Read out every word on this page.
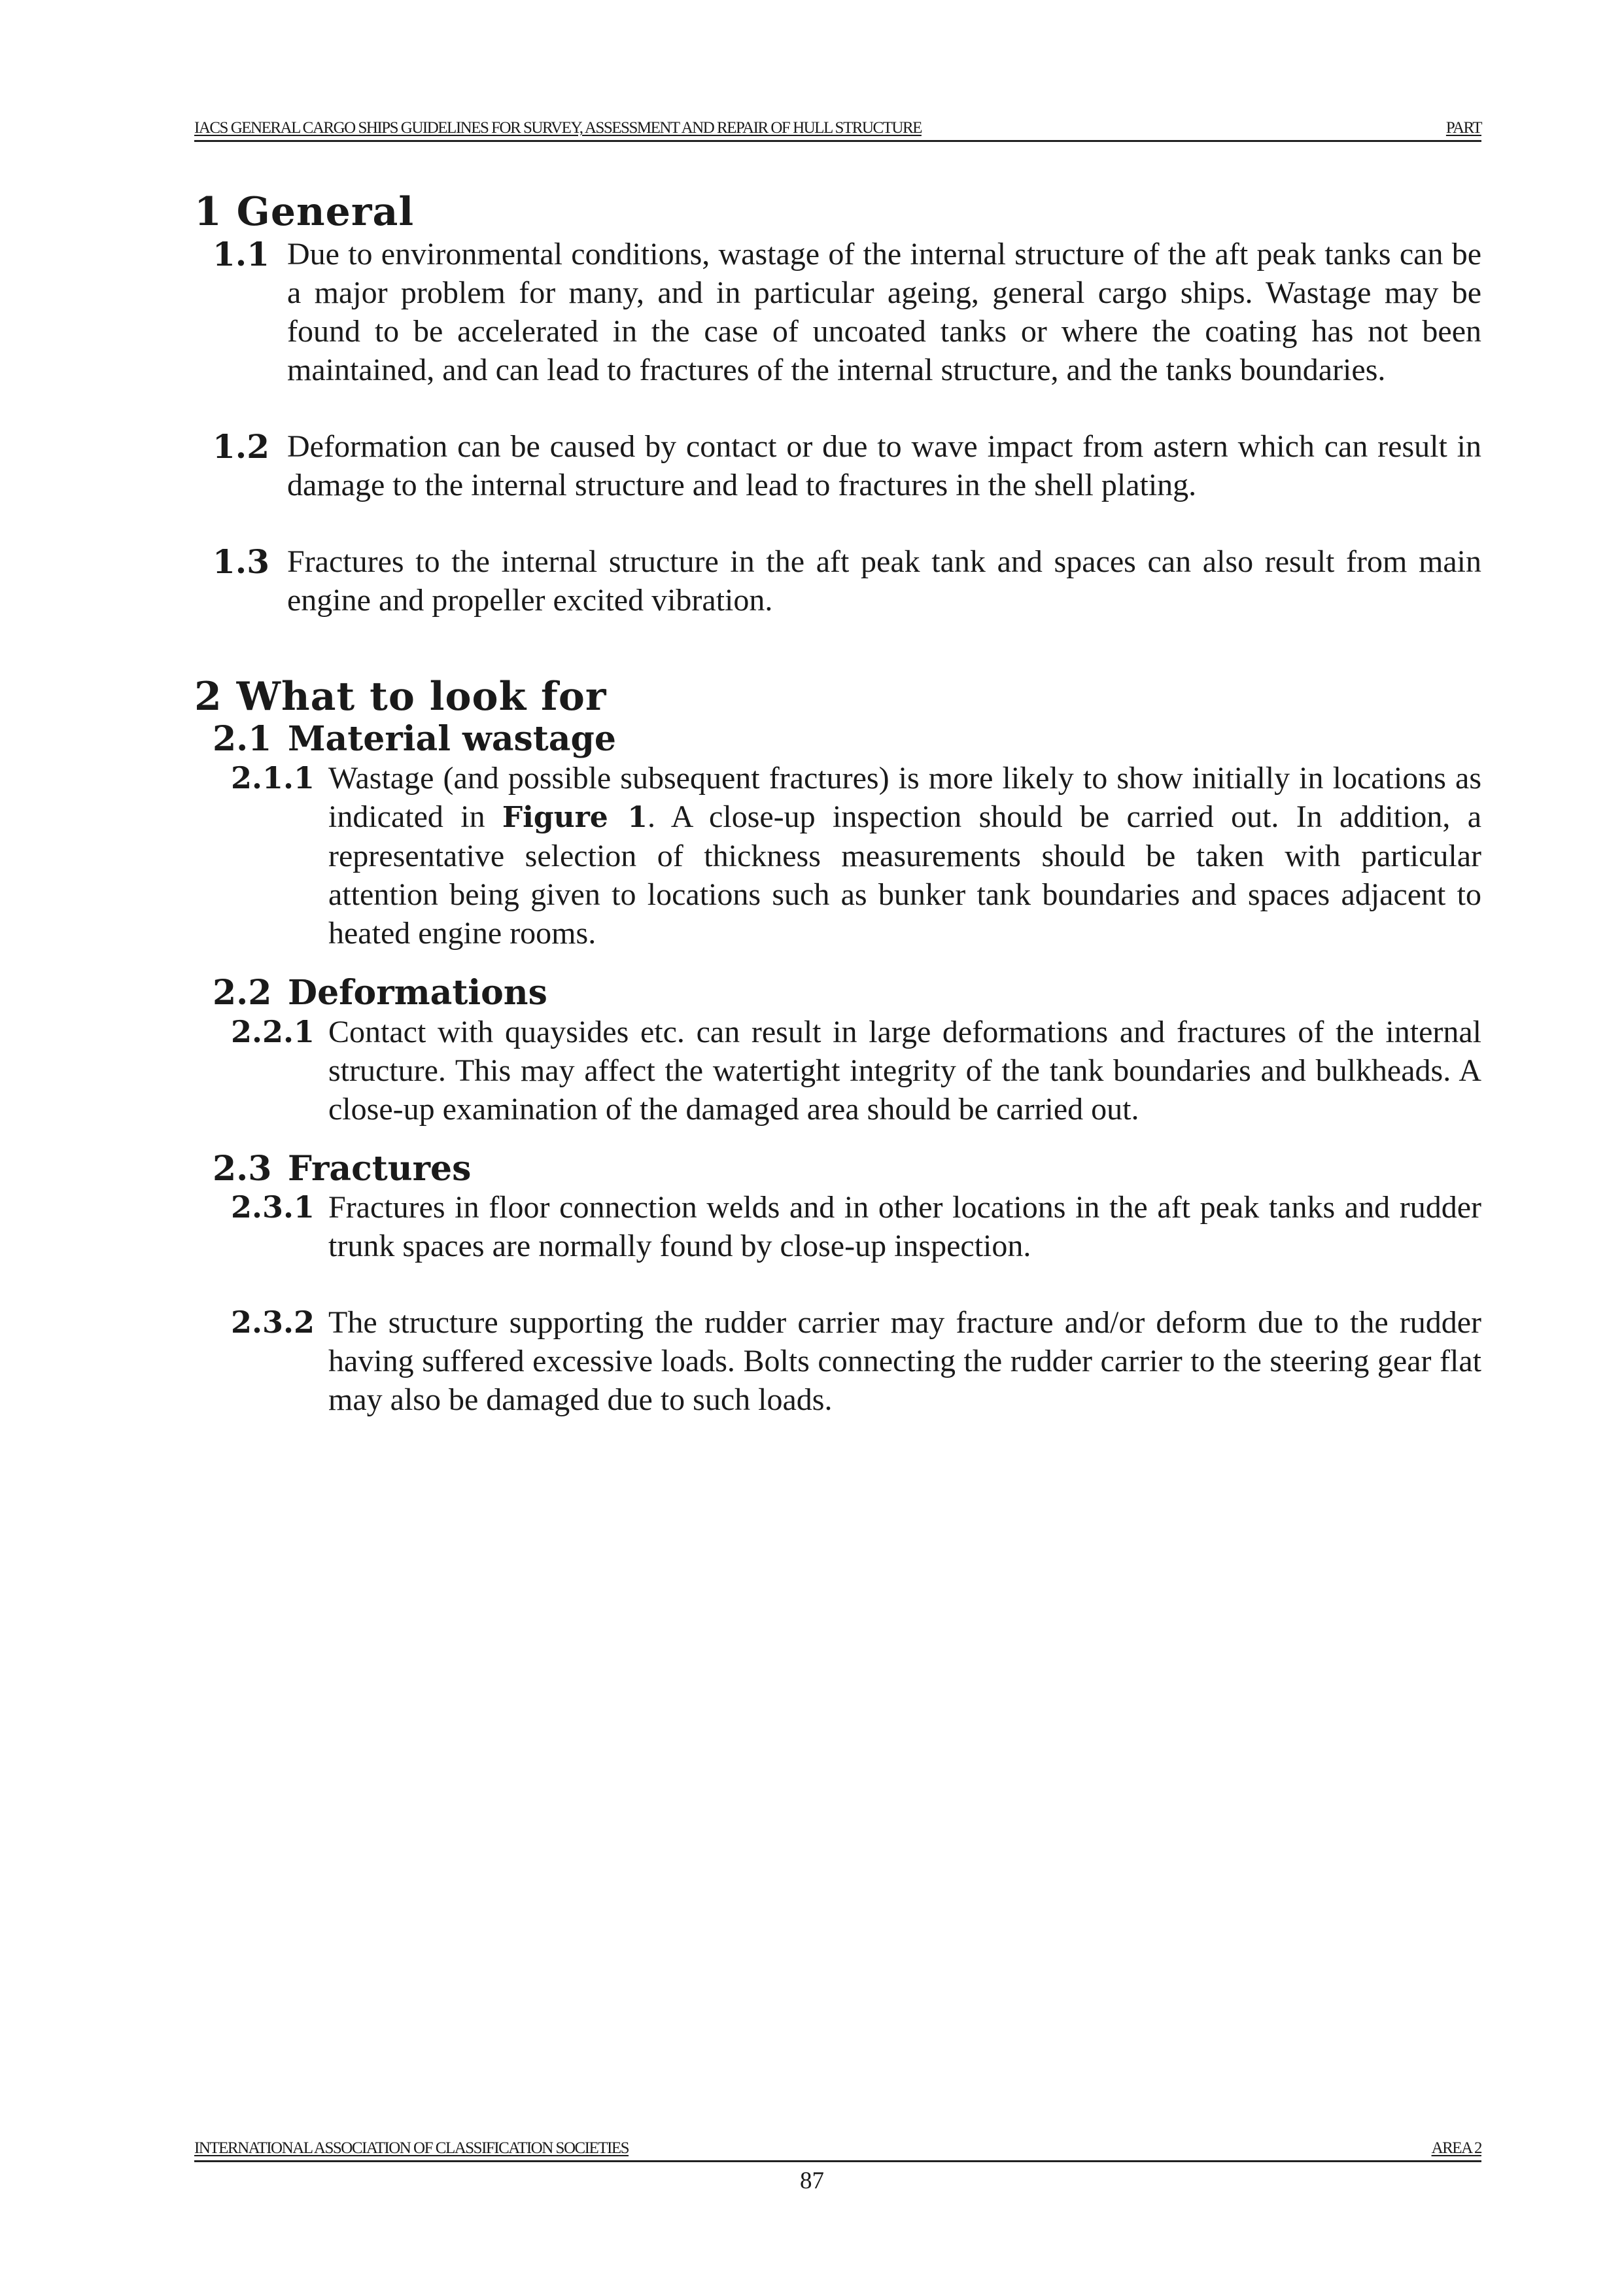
IACS GENERAL CARGO SHIPS GUIDELINES FOR SURVEY, ASSESSMENT AND REPAIR OF HULL STRUCTURE	PART
1 General
1.1 Due to environmental conditions, wastage of the internal structure of the aft peak tanks can be a major problem for many, and in particular ageing, general cargo ships. Wastage may be found to be accelerated in the case of uncoated tanks or where the coating has not been maintained, and can lead to fractures of the internal structure, and the tanks boundaries.
1.2 Deformation can be caused by contact or due to wave impact from astern which can result in damage to the internal structure and lead to fractures in the shell plating.
1.3 Fractures to the internal structure in the aft peak tank and spaces can also result from main engine and propeller excited vibration.
2 What to look for
2.1 Material wastage
2.1.1 Wastage (and possible subsequent fractures) is more likely to show initially in locations as indicated in Figure 1. A close-up inspection should be carried out. In addition, a representative selection of thickness measurements should be taken with particular attention being given to locations such as bunker tank boundaries and spaces adjacent to heated engine rooms.
2.2 Deformations
2.2.1 Contact with quaysides etc. can result in large deformations and fractures of the internal structure. This may affect the watertight integrity of the tank boundaries and bulkheads. A close-up examination of the damaged area should be carried out.
2.3 Fractures
2.3.1 Fractures in floor connection welds and in other locations in the aft peak tanks and rudder trunk spaces are normally found by close-up inspection.
2.3.2 The structure supporting the rudder carrier may fracture and/or deform due to the rudder having suffered excessive loads. Bolts connecting the rudder carrier to the steering gear flat may also be damaged due to such loads.
INTERNATIONAL ASSOCIATION OF CLASSIFICATION SOCIETIES	AREA 2
87
